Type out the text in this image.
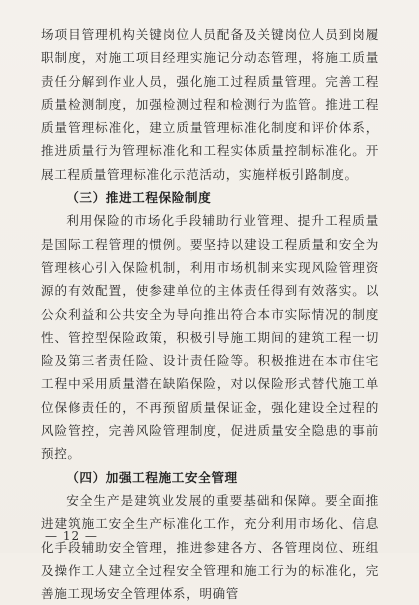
场项目管理机构关键岗位人员配备及关键岗位人员到岗履职制度，对施工项目经理实施记分动态管理，将施工质量责任分解到作业人员，强化施工过程质量管理。完善工程质量检测制度，加强检测过程和检测行为监管。推进工程质量管理标准化，建立质量管理标准化制度和评价体系，推进质量行为管理标准化和工程实体质量控制标准化。开展工程质量管理标准化示范活动，实施样板引路制度。

（三）推进工程保险制度

利用保险的市场化手段辅助行业管理、提升工程质量是国际工程管理的惯例。要坚持以建设工程质量和安全为管理核心引入保险机制，利用市场机制来实现风险管理资源的有效配置，使参建单位的主体责任得到有效落实。以公众利益和公共安全为导向推出符合本市实际情况的制度性、管控型保险政策，积极引导施工期间的建筑工程一切险及第三者责任险、设计责任险等。积极推进在本市住宅工程中采用质量潜在缺陷保险，对以保险形式替代施工单位保修责任的，不再预留质量保证金，强化建设全过程的风险管控，完善风险管理制度，促进质量安全隐患的事前预控。

（四）加强工程施工安全管理

安全生产是建筑业发展的重要基础和保障。要全面推进建筑施工安全生产标准化工作，充分利用市场化、信息化手段辅助安全管理，推进参建各方、各管理岗位、班组及操作工人建立全过程安全管理和施工行为的标准化，完善施工现场安全管理体系，明确管

— 12 —
